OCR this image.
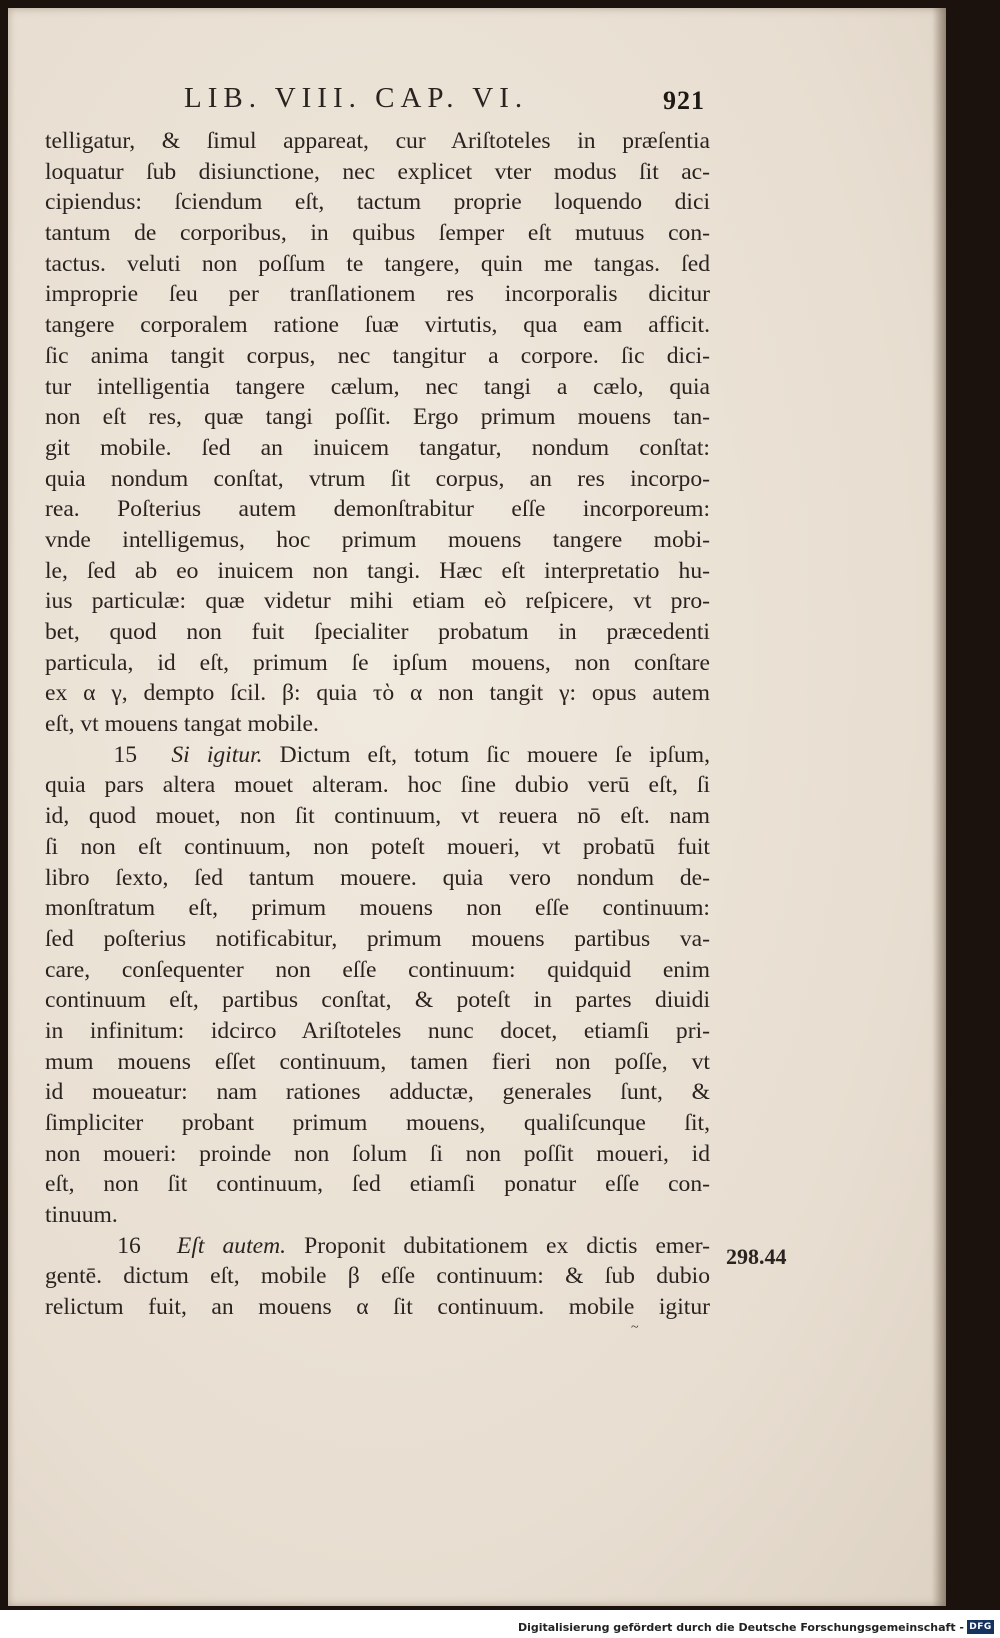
LIB. VIII. CAP. VI.	921
telligatur, & ſimul appareat, cur Ariſtoteles in præſentia
loquatur ſub disiunctione, nec explicet vter modus ſit ac-
cipiendus: ſciendum eſt, tactum proprie loquendo dici
tantum de corporibus, in quibus ſemper eſt mutuus con-
tactus. veluti non poſſum te tangere, quin me tangas. ſed
improprie ſeu per tranſlationem res incorporalis dicitur
tangere corporalem ratione ſuæ virtutis, qua eam afficit.
ſic anima tangit corpus, nec tangitur a corpore. ſic dici-
tur intelligentia tangere cælum, nec tangi a cælo, quia
non eſt res, quæ tangi poſſit. Ergo primum mouens tan-
git mobile. ſed an inuicem tangatur, nondum conſtat:
quia nondum conſtat, vtrum ſit corpus, an res incorpo-
rea. Poſterius autem demonſtrabitur eſſe incorporeum:
vnde intelligemus, hoc primum mouens tangere mobi-
le, ſed ab eo inuicem non tangi. Hæc eſt interpretatio hu-
ius particulæ: quæ videtur mihi etiam eò reſpicere, vt pro-
bet, quod non fuit ſpecialiter probatum in præcedenti
particula, id eſt, primum ſe ipſum mouens, non conſtare
ex α γ, dempto ſcil. β: quia τὸ α non tangit γ: opus autem
eſt, vt mouens tangat mobile.
15 Si igitur. Dictum eſt, totum ſic mouere ſe ipſum,
quia pars altera mouet alteram. hoc ſine dubio verū eſt, ſi
id, quod mouet, non ſit continuum, vt reuera nō eſt. nam
ſi non eſt continuum, non poteſt moueri, vt probatū fuit
libro ſexto, ſed tantum mouere. quia vero nondum de-
monſtratum eſt, primum mouens non eſſe continuum:
ſed poſterius notificabitur, primum mouens partibus va-
care, conſequenter non eſſe continuum: quidquid enim
continuum eſt, partibus conſtat, & poteſt in partes diuidi
in infinitum: idcirco Ariſtoteles nunc docet, etiamſi pri-
mum mouens eſſet continuum, tamen fieri non poſſe, vt
id moueatur: nam rationes adductæ, generales ſunt, &
ſimpliciter probant primum mouens, qualiſcunque ſit,
non moueri: proinde non ſolum ſi non poſſit moueri, id
eſt, non ſit continuum, ſed etiamſi ponatur eſſe con-
tinuum.
16 Eſt autem. Proponit dubitationem ex dictis emer-
gentē. dictum eſt, mobile β eſſe continuum: & ſub dubio
relictum fuit, an mouens α ſit continuum. mobile igitur
298.44
~
Digitalisierung gefördert durch die Deutsche Forschungsgemeinschaft - DFG
